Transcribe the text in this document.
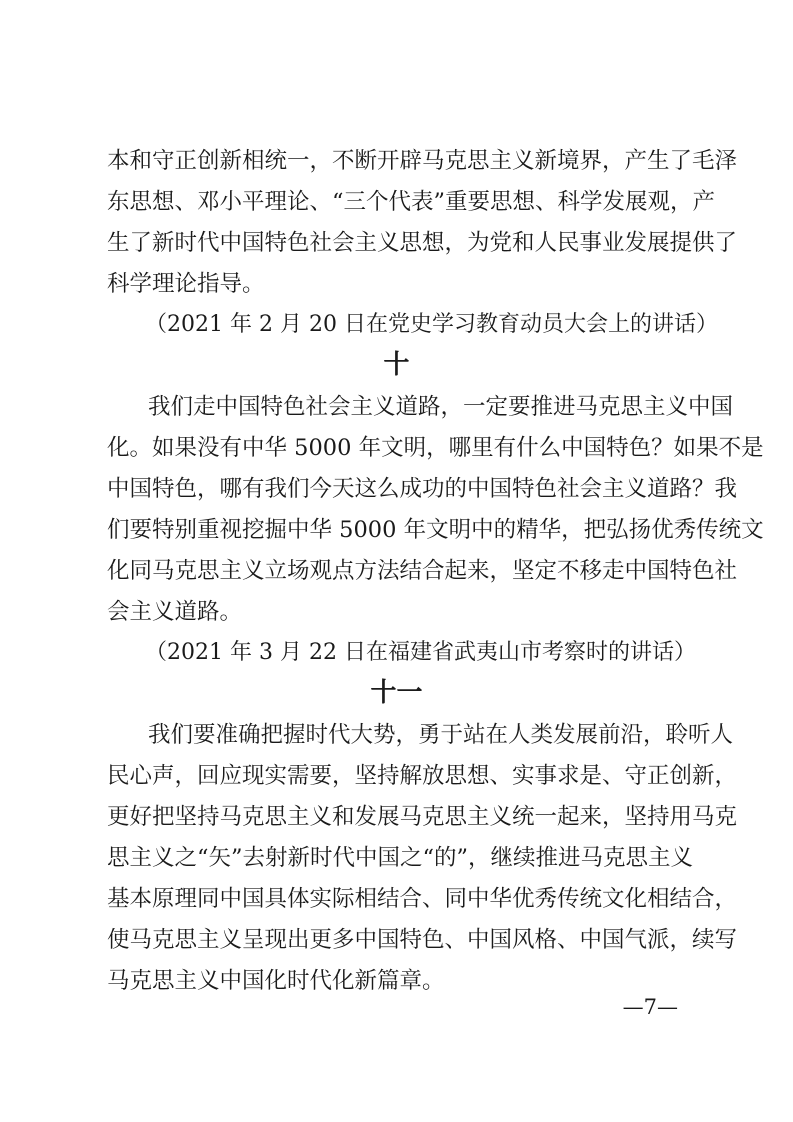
本和守正创新相统一，不断开辟马克思主义新境界，产生了毛泽
东思想、邓小平理论、“三个代表”重要思想、科学发展观，产
生了新时代中国特色社会主义思想，为党和人民事业发展提供了
科学理论指导。
（2021 年 2 月 20 日在党史学习教育动员大会上的讲话）
十
我们走中国特色社会主义道路，一定要推进马克思主义中国
化。如果没有中华 5000 年文明，哪里有什么中国特色？如果不是
中国特色，哪有我们今天这么成功的中国特色社会主义道路？我
们要特别重视挖掘中华 5000 年文明中的精华，把弘扬优秀传统文
化同马克思主义立场观点方法结合起来，坚定不移走中国特色社
会主义道路。
（2021 年 3 月 22 日在福建省武夷山市考察时的讲话）
十一
我们要准确把握时代大势，勇于站在人类发展前沿，聆听人
民心声，回应现实需要，坚持解放思想、实事求是、守正创新，
更好把坚持马克思主义和发展马克思主义统一起来，坚持用马克
思主义之“矢”去射新时代中国之“的”，继续推进马克思主义
基本原理同中国具体实际相结合、同中华优秀传统文化相结合，
使马克思主义呈现出更多中国特色、中国风格、中国气派，续写
马克思主义中国化时代化新篇章。
—7—
